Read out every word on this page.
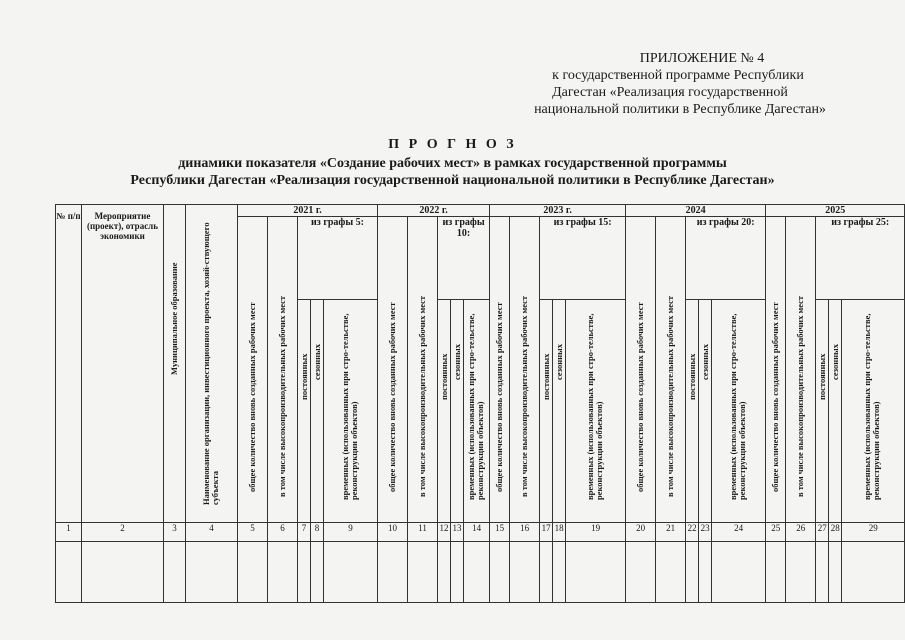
ПРИЛОЖЕНИЕ № 4
к государственной программе Республики
Дагестан «Реализация государственной
национальной политики в Республике Дагестан»
П Р О Г Н О З
динамики показателя «Создание рабочих мест» в рамках государственной программы
Республики Дагестан «Реализация государственной национальной политики в Республике Дагестан»
№ п/п	Мероприятие (проект), отрасль экономики	Муниципальное образование	Наименование организации, инвестиционного проекта, хозяй-ствующего субъекта	2021 г.					2022 г.					2023 г.					2024					2025				

				общее количество вновь созданных рабочих мест	в том числе высокопроизводительных рабочих мест	из графы 5:			общее количество вновь созданных рабочих мест	в том числе высокопроизводительных рабочих мест	из графы 10:			общее количество вновь созданных рабочих мест	в том числе высокопроизводительных рабочих мест	из графы 15:			общее количество вновь созданных рабочих мест	в том числе высокопроизводительных рабочих мест	из графы 20:			общее количество вновь созданных рабочих мест	в том числе высокопроизводительных рабочих мест	из графы 25:		

						постоянных	сезонных	временных (использованных при стро-тельстве, реконструкции объектов)			постоянных	сезонных	временных (использованных при стро-тельстве, реконструкции объектов)			постоянных	сезонных	временных (использованных при стро-тельстве, реконструкции объектов)			постоянных	сезонных	временных (использованных при стро-тельстве, реконструкции объектов)			постоянных	сезонных	временных (использованных при стро-тельстве, реконструкции объектов)

1	2	3	4	5	6	7	8	9	10	11	12	13	14	15	16	17	18	19	20	21	22	23	24	25	26	27	28	29
